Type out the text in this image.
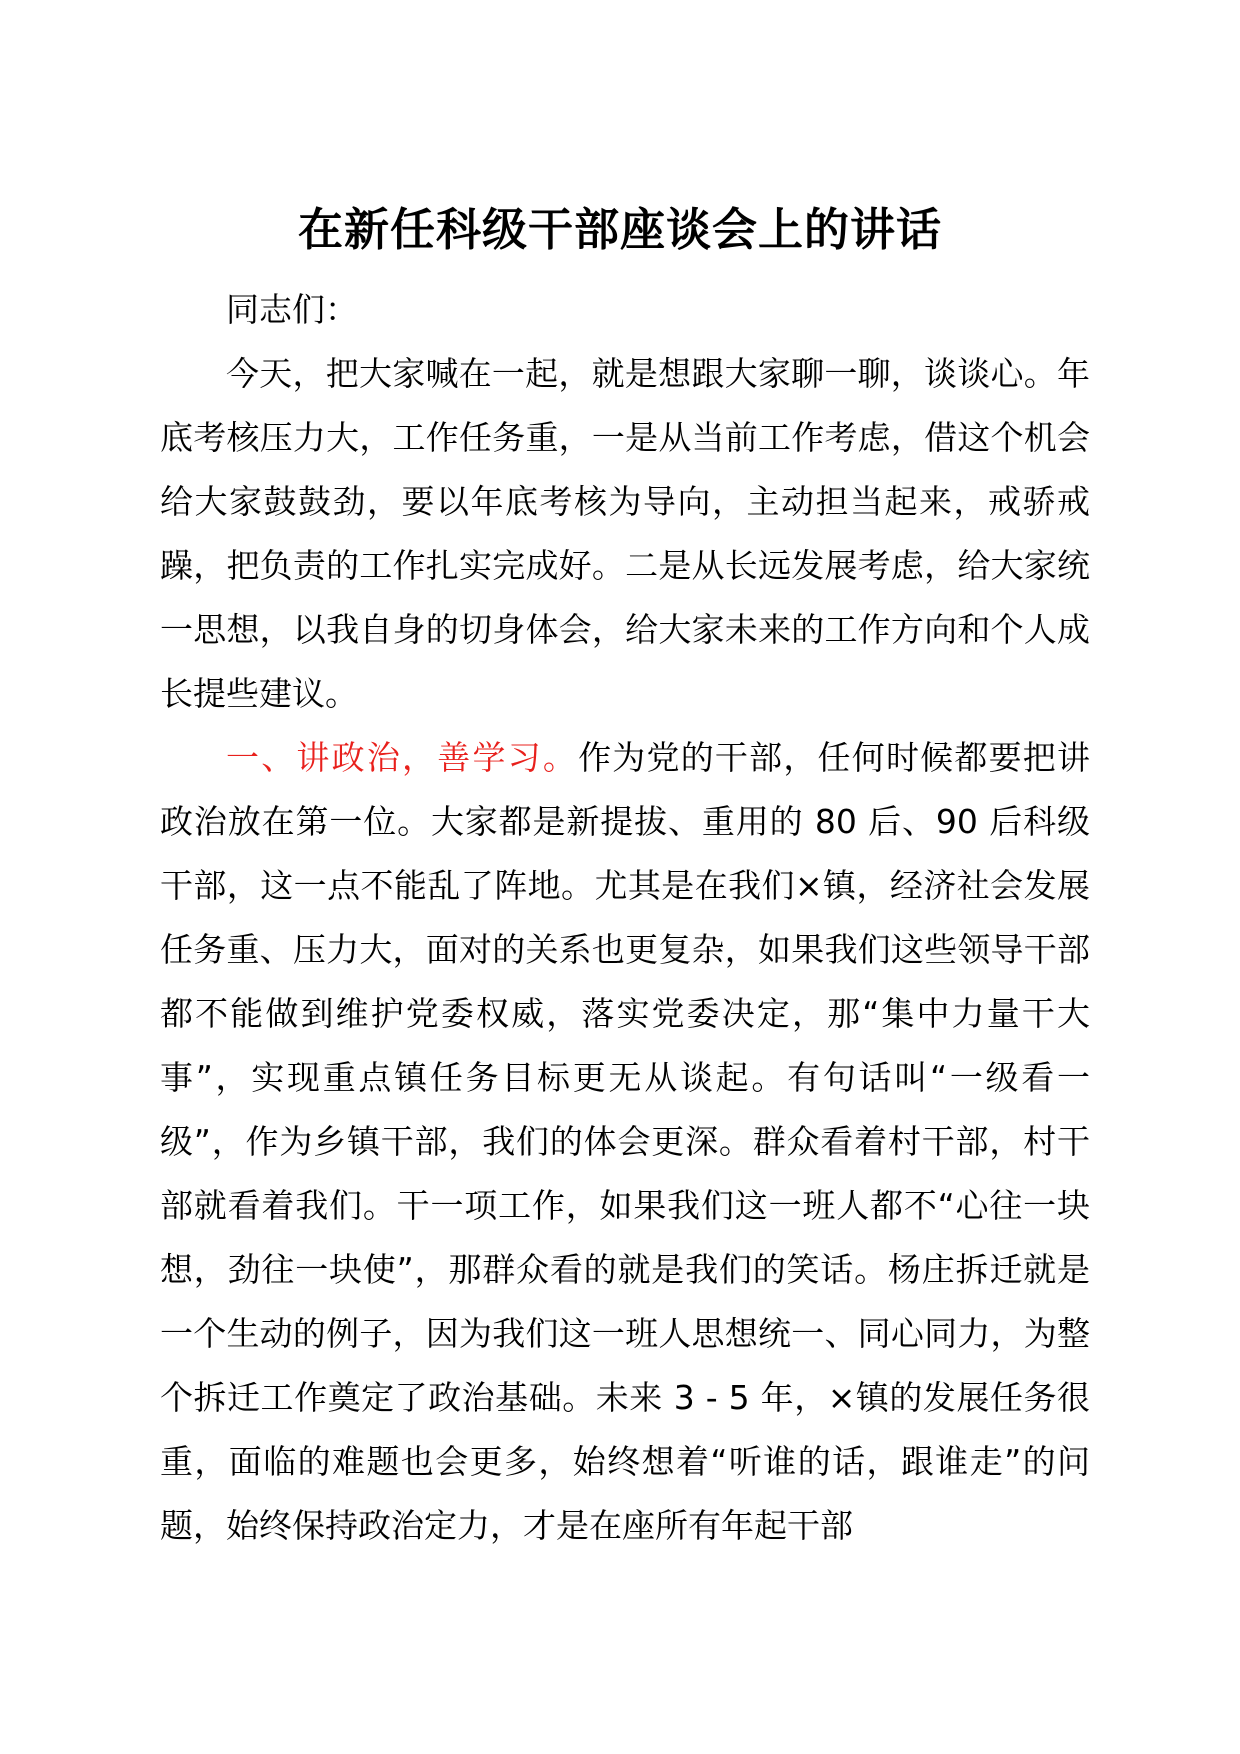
在新任科级干部座谈会上的讲话

同志们：

今天，把大家喊在一起，就是想跟大家聊一聊，谈谈心。年底考核压力大，工作任务重，一是从当前工作考虑，借这个机会给大家鼓鼓劲，要以年底考核为导向，主动担当起来，戒骄戒躁，把负责的工作扎实完成好。二是从长远发展考虑，给大家统一思想，以我自身的切身体会，给大家未来的工作方向和个人成长提些建议。

一、讲政治，善学习。作为党的干部，任何时候都要把讲政治放在第一位。大家都是新提拔、重用的 80 后、90 后科级干部，这一点不能乱了阵地。尤其是在我们×镇，经济社会发展任务重、压力大，面对的关系也更复杂，如果我们这些领导干部都不能做到维护党委权威，落实党委决定，那“集中力量干大事”，实现重点镇任务目标更无从谈起。有句话叫“一级看一级”，作为乡镇干部，我们的体会更深。群众看着村干部，村干部就看着我们。干一项工作，如果我们这一班人都不“心往一块想，劲往一块使”，那群众看的就是我们的笑话。杨庄拆迁就是一个生动的例子，因为我们这一班人思想统一、同心同力，为整个拆迁工作奠定了政治基础。未来 3 - 5 年，×镇的发展任务很重，面临的难题也会更多，始终想着“听谁的话，跟谁走”的问题，始终保持政治定力，才是在座所有年起干部
